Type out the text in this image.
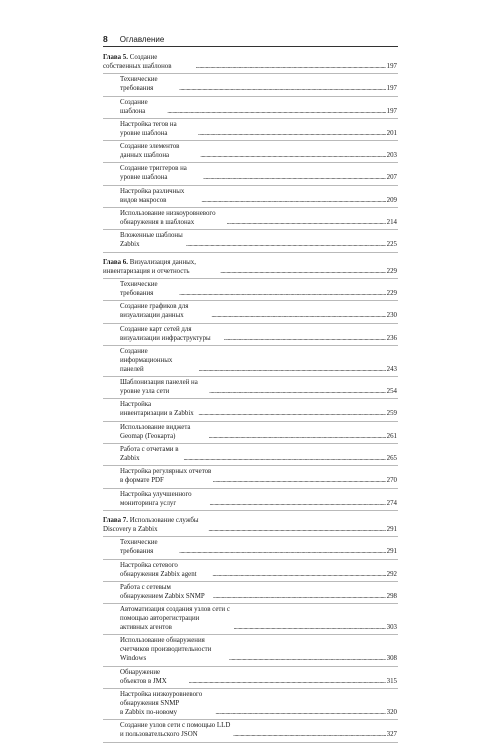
8 Оглавление
Глава 5. Создание собственных шаблонов .....	197
Технические требования .....	197
Создание шаблона .....	197
Настройка тегов на уровне шаблона .....	201
Создание элементов данных шаблона .....	203
Создание триггеров на уровне шаблона .....	207
Настройка различных видов макросов .....	209
Использование низкоуровневого обнаружения в шаблонах .....	214
Вложенные шаблоны Zabbix .....	225
Глава 6. Визуализация данных, инвентаризация и отчетность .....	229
Технические требования .....	229
Создание графиков для визуализации данных .....	230
Создание карт сетей для визуализации инфраструктуры .....	236
Создание информационных панелей .....	243
Шаблонизация панелей на уровне узла сети .....	254
Настройка инвентаризации в Zabbix .....	259
Использование виджета Geomap (Геокарта) .....	261
Работа с отчетами в Zabbix .....	265
Настройка регулярных отчетов в формате PDF .....	270
Настройка улучшенного мониторинга услуг .....	274
Глава 7. Использование службы Discovery в Zabbix .....	291
Технические требования .....	291
Настройка сетевого обнаружения Zabbix agent .....	292
Работа с сетевым обнаружением Zabbix SNMP .....	298
Автоматизация создания узлов сети с помощью авторегистрации
активных агентов .....	303
Использование обнаружения счетчиков производительности
Windows .....	308
Обнаружение объектов в JMX .....	315
Настройка низкоуровневого обнаружения SNMP
в Zabbix по-новому .....	320
Создание узлов сети с помощью LLD и пользовательского JSON .....	327
